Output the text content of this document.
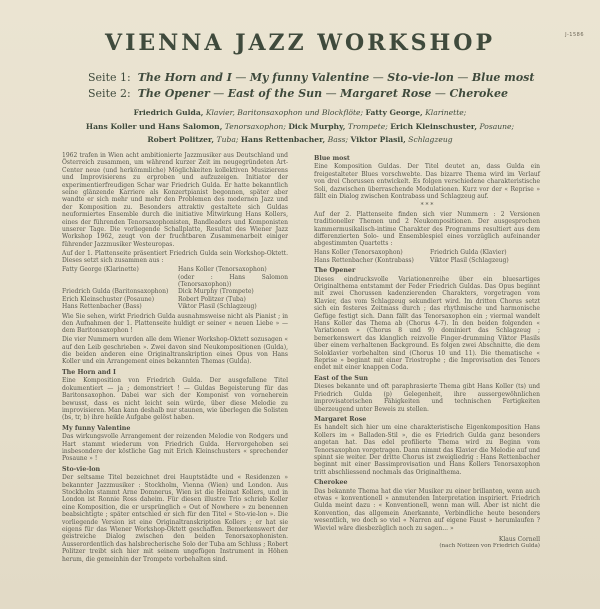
J-1586
VIENNA JAZZ WORKSHOP
Seite 1: The Horn and I — My funny Valentine — Sto-vie-lon — Blue most
Seite 2: The Opener — East of the Sun — Margaret Rose — Cherokee
Friedrich Gulda, Klavier, Baritonsaxophon und Blockflöte; Fatty George, Klarinette;
Hans Koller und Hans Salomon, Tenorsaxophon; Dick Murphy, Trompete; Erich Kleinschuster, Posaune;
Robert Politzer, Tuba; Hans Rettenbacher, Bass; Viktor Plasil, Schlagzeug

1962 trafen in Wien acht ambitionierte Jazzmusiker aus Deutschland und Österreich zusammen, um während kurzer Zeit im neugegründeten Art-Center neue (und herkömmliche) Möglichkeiten kollektiven Musizierens und Improvisierens zu erproben und aufzuzeigen. Initiator der experimentierfreudigen Schar war Friedrich Gulda. Er hatte bekanntlich seine glänzende Karriere als Konzertpianist begonnen, später aber wandte er sich mehr und mehr den Problemen des modernen Jazz und der Komposition zu. Besonders attraktiv gestaltete sich Guldas neuformiertes Ensemble durch die initiative Mitwirkung Hans Kollers, eines der führenden Tenorsaxophonisten, Bandleaders und Komponisten unserer Tage. Die vorliegende Schallplatte, Resultat des Wiener Jazz Workshop 1962, zeugt von der fruchtbaren Zusammenarbeit einiger führender Jazzmusiker Westeuropas.

Auf der 1. Plattenseite präsentiert Friedrich Gulda sein Workshop-Oktett. Dieses setzt sich zusammen aus :

Fatty George (Klarinette)	Hans Koller (Tenorsaxophon)
(oder : Hans Salomon (Tenorsaxophon))
Friedrich Gulda (Baritonsaxophon)	Dick Murphy (Trompete)
Erich Kleinschuster (Posaune)	Robert Politzer (Tuba)
Hans Rettenbacher (Bass)	Viktor Plasil (Schlagzeug)

Wie Sie sehen, wirkt Friedrich Gulda ausnahmsweise nicht als Pianist ; in den Aufnahmen der 1. Plattenseite huldigt er seiner « neuen Liebe » — dem Baritonsaxophon !

Die vier Nummern wurden alle dem Wiener Workshop-Oktett sozusagen « auf den Leib geschrieben ». Zwei davon sind Neukompositionen (Gulda), die beiden anderen eine Originaltranskription eines Opus von Hans Koller und ein Arrangement eines bekannten Themas (Gulda).

The Horn and I

Eine Komposition von Friedrich Gulda. Der ausgefallene Titel dokumentiert — ja ; demonstriert ! — Guldas Begeisterung für das Baritonsaxophon. Dabei war sich der Komponist von vorneherein bewusst, dass es nicht leicht sein würde, über diese Melodie zu improvisieren. Man kann deshalb nur staunen, wie überlegen die Solisten (bs, tr, b) ihre heikle Aufgabe gelöst haben.

My funny Valentine

Das wirkungsvolle Arrangement der reizenden Melodie von Rodgers und Hart stammt wiederum von Friedrich Gulda. Hervorgehoben sei insbesondere der köstliche Gag mit Erich Kleinschusters « sprechender Posaune » !

Sto-vie-lon

Der seltsame Titel bezeichnet drei Hauptstädte und « Residenzen » bekannter Jazzmusiker : Stockholm, Vienna (Wien) und London. Aus Stockholm stammt Arne Domnerus, Wien ist die Heimat Kollers, und in London ist Ronnie Ross daheim. Für diesen illustre Trio schrieb Koller eine Komposition, die er ursprünglich « Out of Nowhere » zu benennen beabsichtigte ; später entschied er sich für den Titel « Sto-vie-lon ». Die vorliegende Version ist eine Originaltranskription Kollers ; er hat sie eigens für das Wiener Workshop-Oktett geschaffen. Bemerkenswert der geistreiche Dialog zwischen den beiden Tenorsaxophonisten. Ausserordentlich das halsbrecherische Solo der Tuba am Schluss ; Robert Politzer treibt sich hier mit seinem ungefügen Instrument in Höhen herum, die gemeinhin der Trompete vorbehalten sind.

Blue most

Eine Komposition Guldas. Der Titel deutet an, dass Gulda ein freigestalteter Blues vorschwebte. Das bizarre Thema wird im Verlauf von drei Chorussen entwickelt. Es folgen verschiedene charakteristische Soli, dazwischen überraschende Modulationen. Kurz vor der « Reprise » fällt ein Dialog zwischen Kontrabass und Schlagzeug auf.

* * *

Auf der 2. Plattenseite finden sich vier Nummern : 2 Versionen traditioneller Themen und 2 Neukompositionen. Der ausgesprochen kammermusikalisch-intime Charakter des Programms resultiert aus dem differenzierten Solo- und Ensemblespiel eines vorzüglich aufeinander abgestimmten Quartetts :

Hans Koller (Tenorsaxophon)	Friedrich Gulda (Klavier)
Hans Rettenbacher (Kontrabass)	Viktor Plasil (Schlagzeug)
The Opener

Dieses eindrucksvolle Variationenreihe über ein bluesartiges Originalthema entstammt der Feder Friedrich Guldas. Das Opus beginnt mit zwei Chorussen kadenzierenden Charakters, vorgetragen vom Klavier, das vom Schlagzeug sekundiert wird. Im dritten Chorus setzt sich ein festeres Zeitmass durch ; das rhythmische und harmonische Gefüge festigt sich. Dann fällt das Tenorsaxophon ein ; viermal wandelt Hans Koller das Thema ab (Chorus 4-7). In den beiden folgenden « Variationen » (Chorus 8 und 9) dominiert das Schlagzeug ; bemerkenswert das klanglich reizvolle Finger-drumming Viktor Plasils über einem verhaltenen Background. Es folgen zwei Abschnitte, die dem Soloklavier vorbehalten sind (Chorus 10 und 11). Die thematische « Reprise » beginnt mit einer Triostrophe ; die Improvisation des Tenors endet mit einer knappen Coda.

East of the Sun

Dieses bekannte und oft paraphrasierte Thema gibt Hans Koller (ts) und Friedrich Gulda (p) Gelegenheit, ihre aussergewöhnlichen improvisatorischen Fähigkeiten und technischen Fertigkeiten überzeugend unter Beweis zu stellen.

Margaret Rose

Es handelt sich hier um eine charakteristische Eigenkomposition Hans Kollers im « Balladen-Stil », die es Friedrich Gulda ganz besonders angetan hat. Das edel profilierte Thema wird zu Beginn vom Tenorsaxophon vorgetragen. Dann nimmt das Klavier die Melodie auf und spinnt sie weiter. Der dritte Chorus ist zweigliedrig : Hans Rettenbacher beginnt mit einer Bassimprovisation und Hans Kollers Tenorsaxophon tritt abschliessend nochmals das Originalthema.

Cherokee

Das bekannte Thema hat die vier Musiker zu einer brillanten, wenn auch etwas « konventionell » anmutenden Interpretation inspiriert. Friedrich Gulda meint dazu : « Konventionell, wenn man will. Aber ist nicht die Konvention, das allgemein Anerkannte, Verbindliche heute besonders wesentlich, wo doch so viel « Narren auf eigene Faust » herumlaufen ? Wieviel wäre diesbezüglich noch zu sagen... »

Klaus Cornell
(nach Notizen von Friedrich Gulda)
